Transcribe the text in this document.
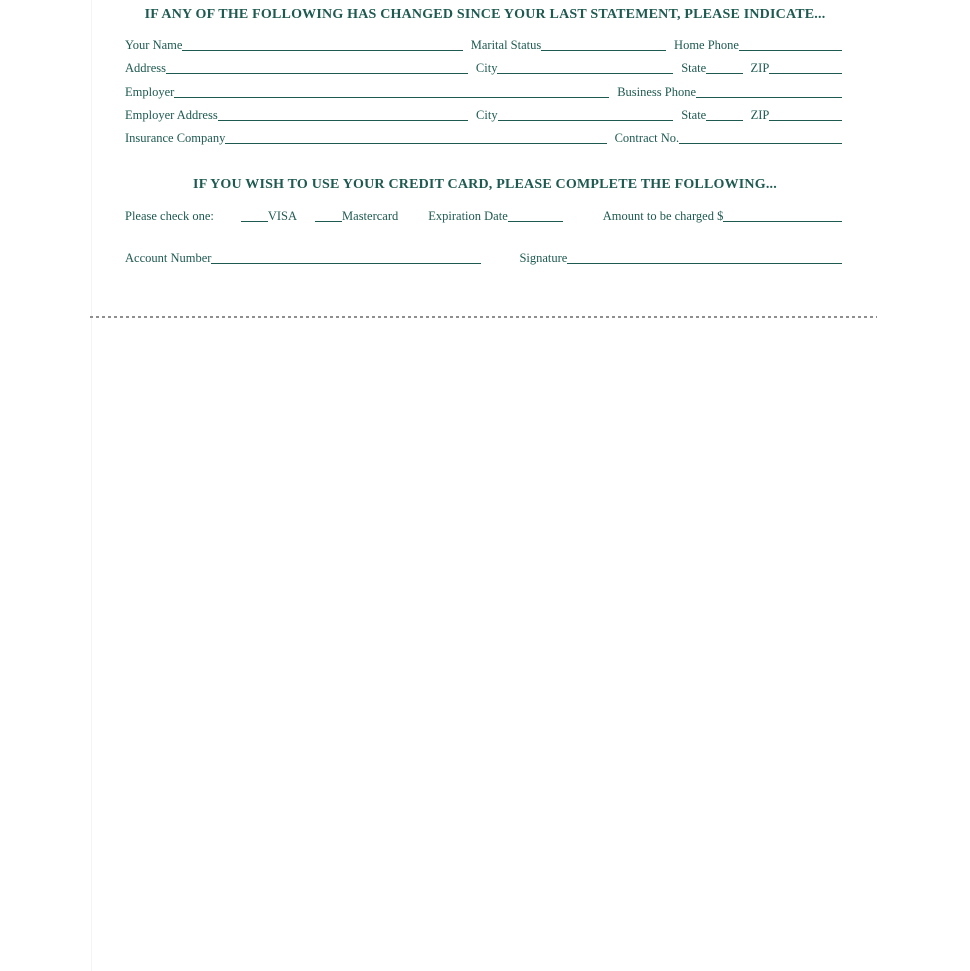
IF ANY OF THE FOLLOWING HAS CHANGED SINCE YOUR LAST STATEMENT, PLEASE INDICATE...
Your Name	Marital Status	Home Phone
Address	City	State	ZIP
Employer	Business Phone
Employer Address	City	State	ZIP
Insurance Company	Contract No.
IF YOU WISH TO USE YOUR CREDIT CARD, PLEASE COMPLETE THE FOLLOWING...
Please check one:	VISA	Mastercard Expiration Date	Amount to be charged $
Account Number	Signature
